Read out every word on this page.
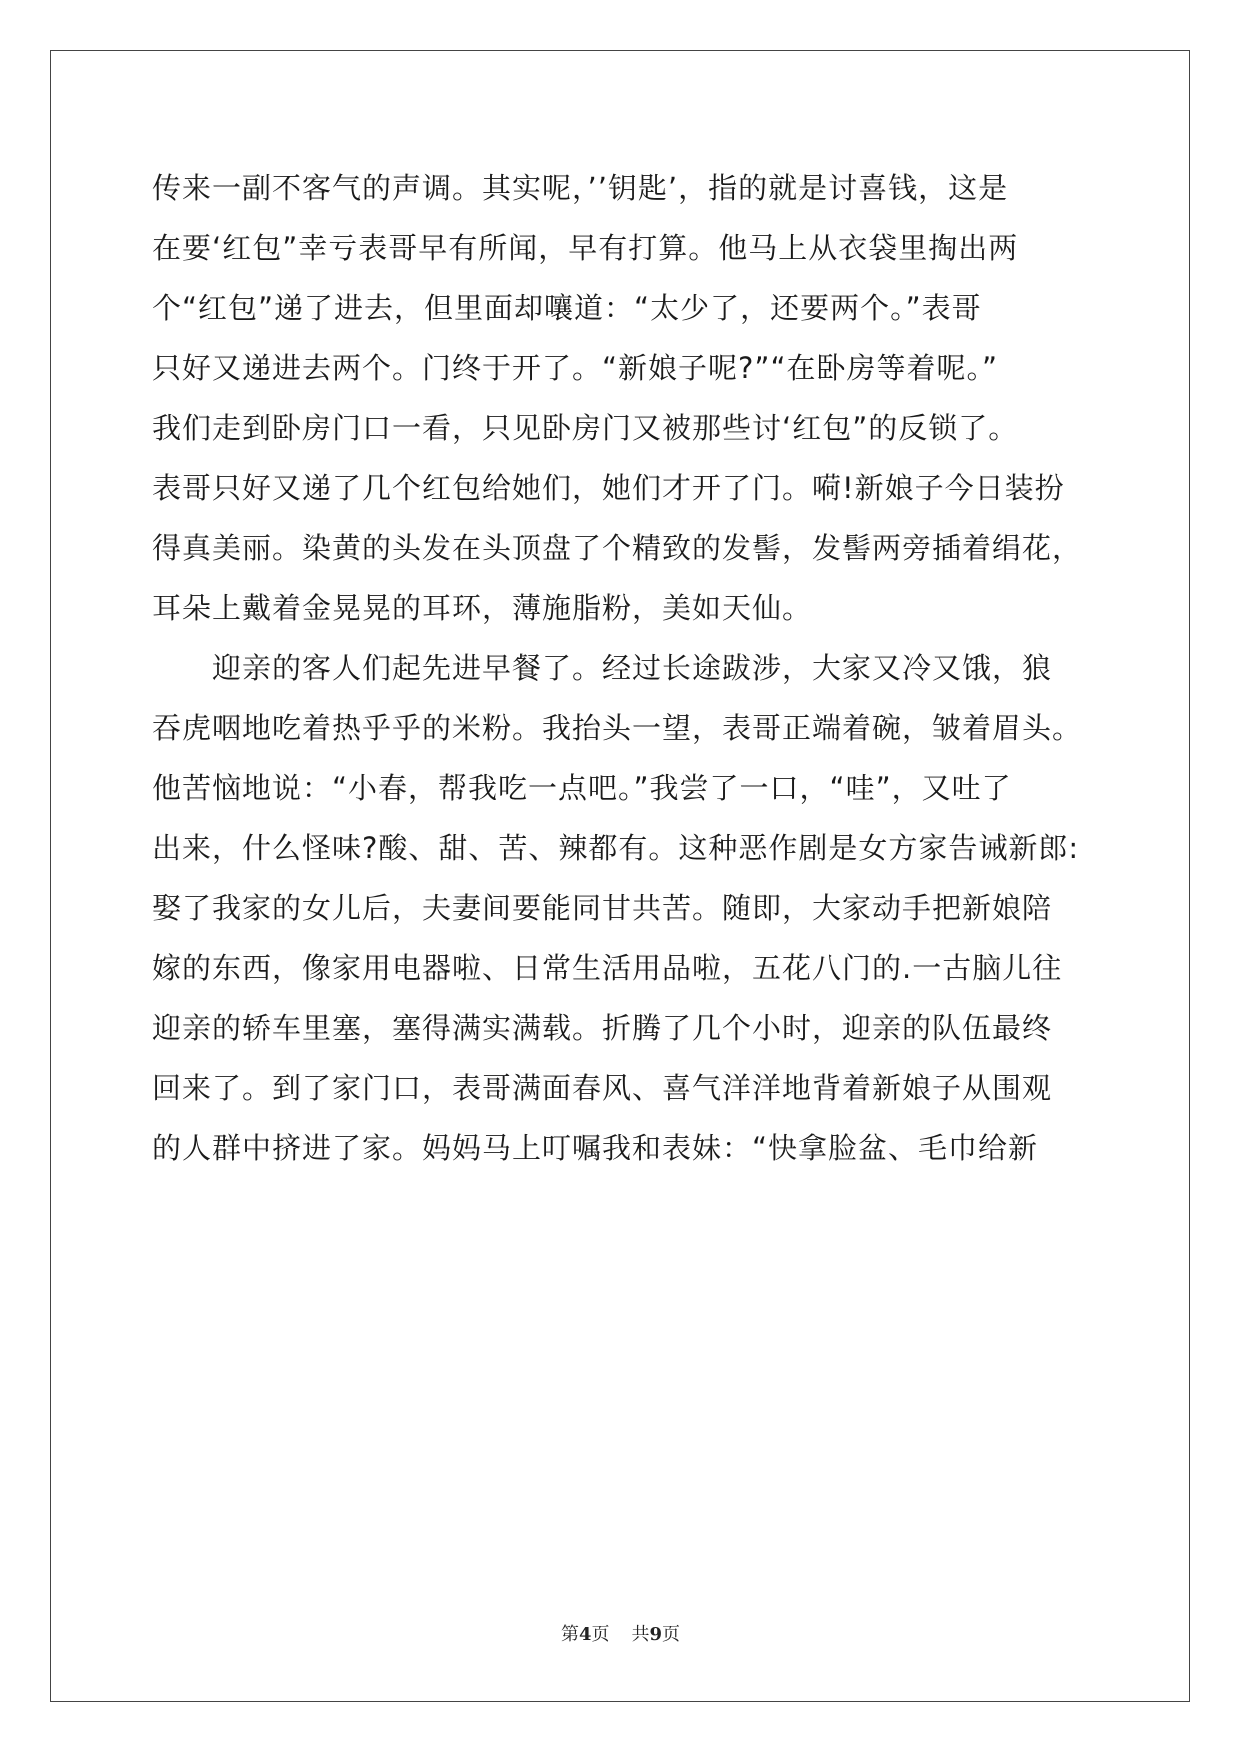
传来一副不客气的声调。其实呢，’’钥匙’，指的就是讨喜钱，这是
在要‘红包”幸亏表哥早有所闻，早有打算。他马上从衣袋里掏出两
个“红包”递了进去，但里面却嚷道：“太少了，还要两个。”表哥
只好又递进去两个。门终于开了。“新娘子呢?”“在卧房等着呢。”
我们走到卧房门口一看，只见卧房门又被那些讨‘红包”的反锁了。
表哥只好又递了几个红包给她们，她们才开了门。嗬!新娘子今日装扮
得真美丽。染黄的头发在头顶盘了个精致的发髻，发髻两旁插着绢花，
耳朵上戴着金晃晃的耳环，薄施脂粉，美如天仙。
迎亲的客人们起先进早餐了。经过长途跋涉，大家又冷又饿，狼
吞虎咽地吃着热乎乎的米粉。我抬头一望，表哥正端着碗，皱着眉头。
他苦恼地说：“小春，帮我吃一点吧。”我尝了一口，“哇”，又吐了
出来，什么怪味?酸、甜、苦、辣都有。这种恶作剧是女方家告诫新郎:
娶了我家的女儿后，夫妻间要能同甘共苦。随即，大家动手把新娘陪
嫁的东西，像家用电器啦、日常生活用品啦，五花八门的.一古脑儿往
迎亲的轿车里塞，塞得满实满载。折腾了几个小时，迎亲的队伍最终
回来了。到了家门口，表哥满面春风、喜气洋洋地背着新娘子从围观
的人群中挤进了家。妈妈马上叮嘱我和表妹：“快拿脸盆、毛巾给新
第4页 共9页
